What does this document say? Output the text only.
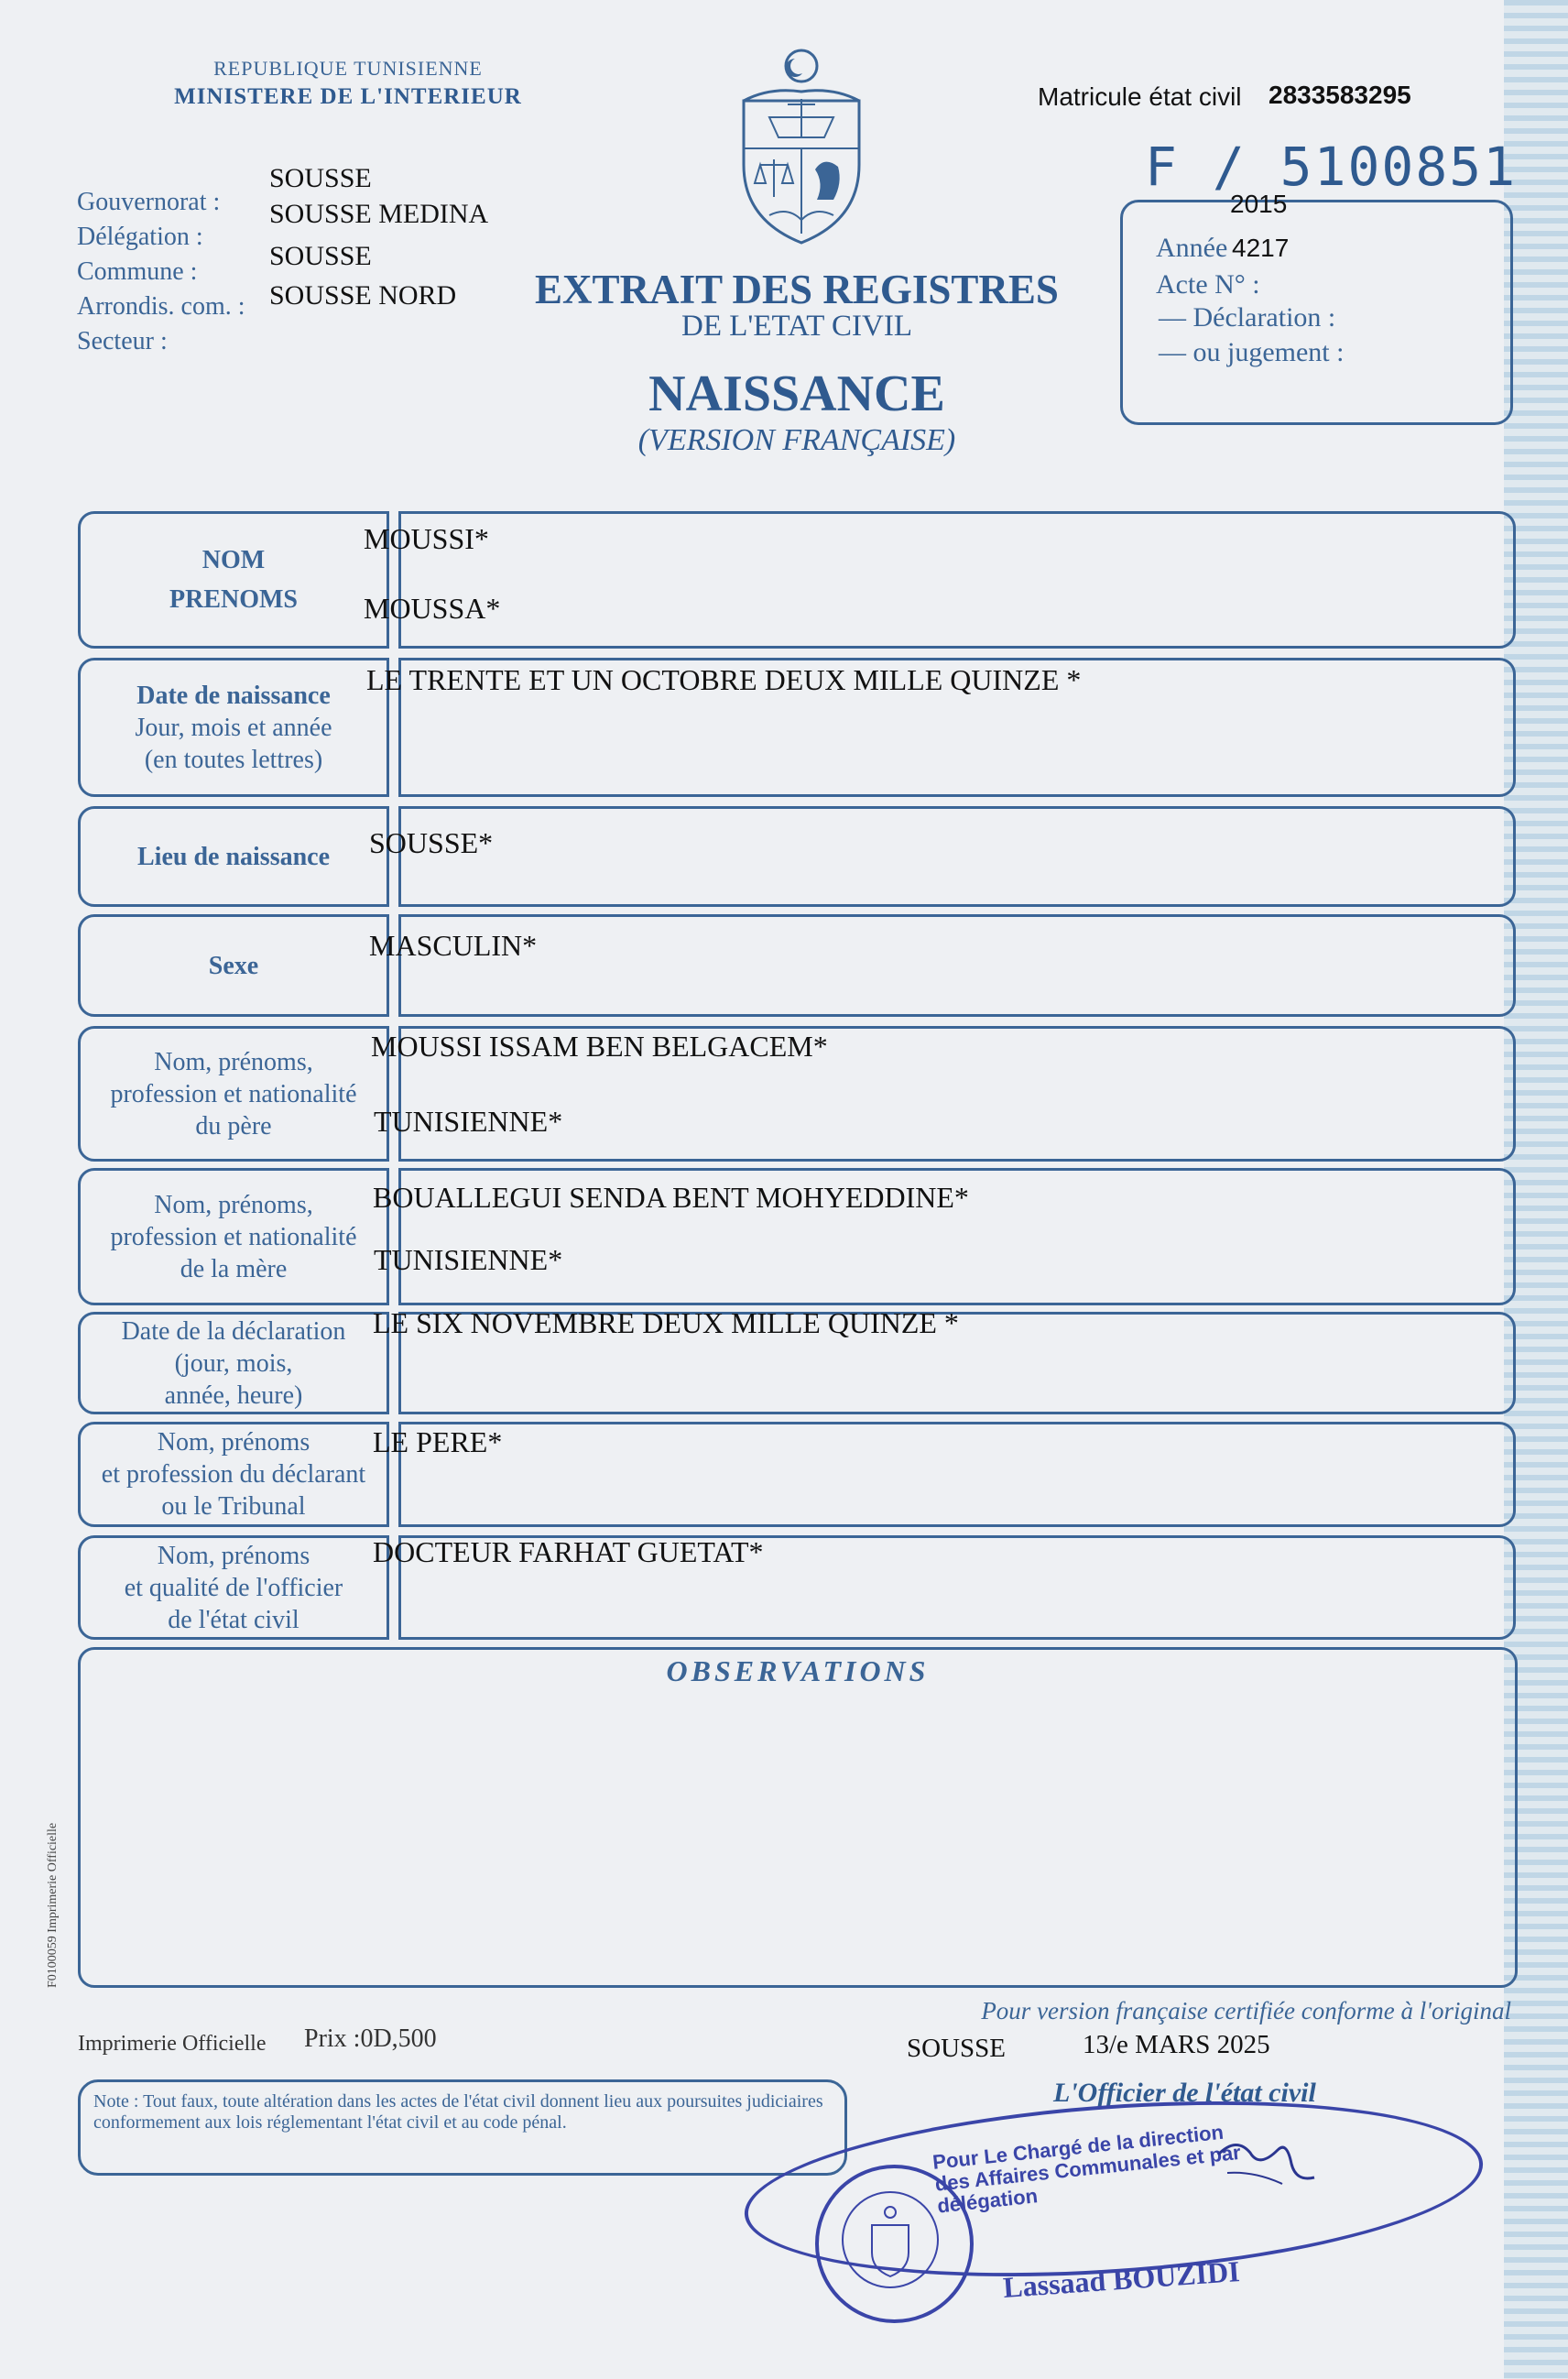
REPUBLIQUE TUNISIENNE
MINISTERE DE L'INTERIEUR
Gouvernorat :
Délégation :
Commune :
Arrondis. com. :
Secteur :
SOUSSE
SOUSSE MEDINA
SOUSSE
SOUSSE NORD	EXTRAIT DES REGISTRES
DE L'ETAT CIVIL
NAISSANCE
(VERSION FRANÇAISE)
Matricule état civil 2833583295
F / 5100851
2015
Année 4217
Acte N° :
— Déclaration :
— ou jugement :
NOM
PRENOMS
MOUSSI*
MOUSSA*
Date de naissance
Jour, mois et année
(en toutes lettres)
LE TRENTE ET UN OCTOBRE DEUX MILLE QUINZE *
Lieu de naissance SOUSSE*
Sexe
MASCULIN*
Nom, prénoms,
profession et nationalité
du père
MOUSSI ISSAM BEN BELGACEM*
TUNISIENNE*
Nom, prénoms,
profession et nationalité
de la mère
BOUALLEGUI SENDA BENT MOHYEDDINE*
TUNISIENNE*
Date de la déclaration
(jour, mois,
année, heure)
LE SIX NOVEMBRE DEUX MILLE QUINZE *
Nom, prénoms
et profession du déclarant
ou le Tribunal
LE PERE*
Nom, prénoms
et qualité de l'officier
de l'état civil
DOCTEUR FARHAT GUETAT*
OBSERVATIONS
F0100059 Imprimerie Officielle
Imprimerie Officielle Prix :0D,500
Note : Tout faux, toute altération dans les actes de l'état civil donnent lieu aux poursuites judiciaires conformement aux lois réglementant l'état civil et au code pénal.
Pour version française certifiée conforme à l'original
SOUSSE	13/e MARS 2025
L'Officier de l'état civil
Pour Le Chargé de la direction des Affaires Communales et par délégation
Lassaad BOUZIDI
